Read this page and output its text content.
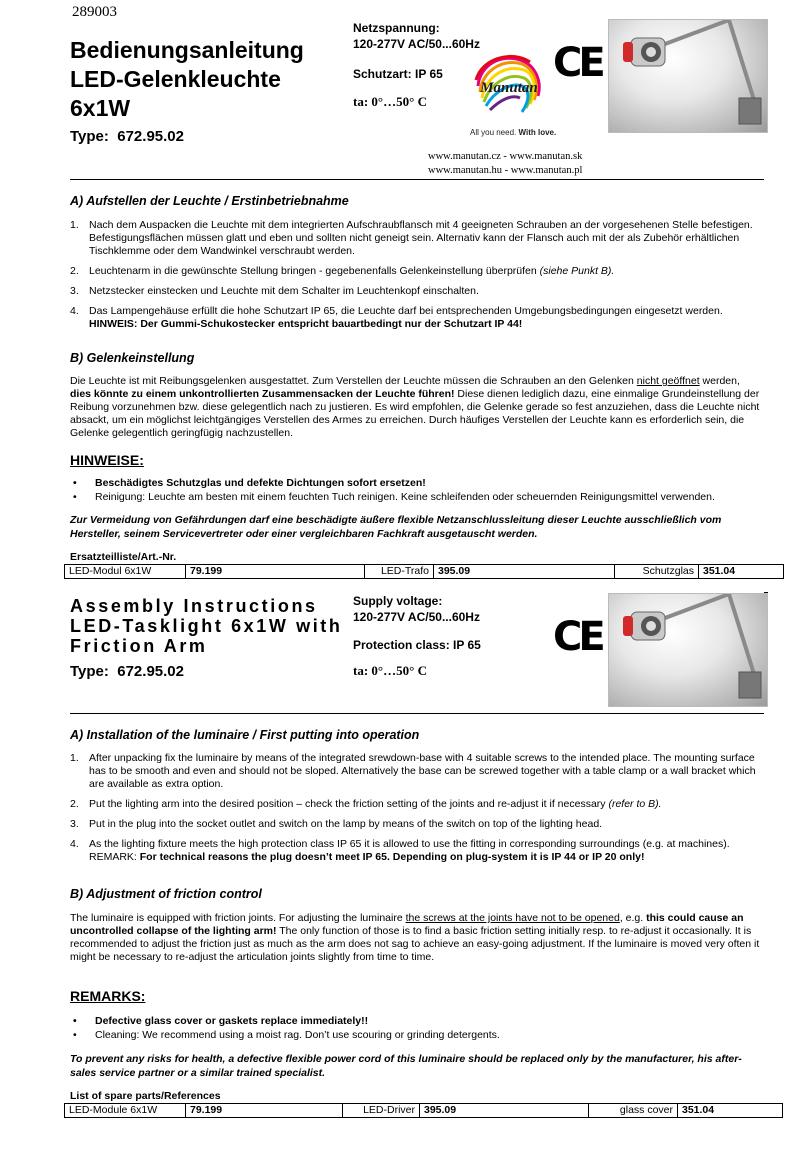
289003
Bedienungsanleitung
LED-Gelenkleuchte
6x1W
Type: 672.95.02
Netzspannung:
120-277V AC/50...60Hz
Schutzart: IP 65
ta: 0°…50° C
Manutan
All you need. With love.
CE
www.manutan.cz - www.manutan.sk
www.manutan.hu - www.manutan.pl
A) Aufstellen der Leuchte / Erstinbetriebnahme
1. Nach dem Auspacken die Leuchte mit dem integrierten Aufschraubflansch mit 4 geeigneten Schrauben an der vorgesehenen Stelle befestigen. Befestigungsflächen müssen glatt und eben und sollten nicht geneigt sein. Alternativ kann der Flansch auch mit der als Zubehör erhältlichen Tischklemme oder dem Wandwinkel verschraubt werden.
2. Leuchtenarm in die gewünschte Stellung bringen - gegebenenfalls Gelenkeinstellung überprüfen (siehe Punkt B).
3. Netzstecker einstecken und Leuchte mit dem Schalter im Leuchtenkopf einschalten.
4. Das Lampengehäuse erfüllt die hohe Schutzart IP 65, die Leuchte darf bei entsprechenden Umgebungsbedingungen eingesetzt werden. HINWEIS: Der Gummi-Schukostecker entspricht bauartbedingt nur der Schutzart IP 44!
B) Gelenkeinstellung
Die Leuchte ist mit Reibungsgelenken ausgestattet. Zum Verstellen der Leuchte müssen die Schrauben an den Gelenken nicht geöffnet werden, dies könnte zu einem unkontrollierten Zusammensacken der Leuchte führen! Diese dienen lediglich dazu, eine einmalige Grundeinstellung der Reibung vorzunehmen bzw. diese gelegentlich nach zu justieren. Es wird empfohlen, die Gelenke gerade so fest anzuziehen, dass die Leuchte nicht absackt, um ein möglichst leichtgängiges Verstellen des Armes zu erreichen. Durch häufiges Verstellen der Leuchte kann es erforderlich sein, die Gelenke gelegentlich geringfügig nachzustellen.
HINWEISE:
• Beschädigtes Schutzglas und defekte Dichtungen sofort ersetzen!
• Reinigung: Leuchte am besten mit einem feuchten Tuch reinigen. Keine schleifenden oder scheuernden Reinigungsmittel verwenden.
Zur Vermeidung von Gefährdungen darf eine beschädigte äußere flexible Netzanschlussleitung dieser Leuchte ausschließlich vom Hersteller, seinem Servicevertreter oder einer vergleichbaren Fachkraft ausgetauscht werden.
Ersatzteilliste/Art.-Nr.
LED-Modul 6x1W	79.199	LED-Trafo	395.09	Schutzglas	351.04
Assembly Instructions
LED-Tasklight 6x1W with
Friction Arm
Type: 672.95.02
Supply voltage:
120-277V AC/50...60Hz
Protection class: IP 65
ta: 0°…50° C
CE
A) Installation of the luminaire / First putting into operation
1. After unpacking fix the luminaire by means of the integrated srewdown-base with 4 suitable screws to the intended place. The mounting surface has to be smooth and even and should not be sloped. Alternatively the base can be screwed together with a table clamp or a wall bracket which are available as extra option.
2. Put the lighting arm into the desired position – check the friction setting of the joints and re-adjust it if necessary (refer to B).
3. Put in the plug into the socket outlet and switch on the lamp by means of the switch on top of the lighting head.
4. As the lighting fixture meets the high protection class IP 65 it is allowed to use the fitting in corresponding surroundings (e.g. at machines). REMARK: For technical reasons the plug doesn’t meet IP 65. Depending on plug-system it is IP 44 or IP 20 only!
B) Adjustment of friction control
The luminaire is equipped with friction joints. For adjusting the luminaire the screws at the joints have not to be opened, e.g. this could cause an uncontrolled collapse of the lighting arm! The only function of those is to find a basic friction setting initially resp. to re-adjust it occasionally. It is recommended to adjust the friction just as much as the arm does not sag to achieve an easy-going adjustment. If the luminaire is moved very often it might be necessary to re-adjust the articulation joints slightly from time to time.
REMARKS:
• Defective glass cover or gaskets replace immediately!!
• Cleaning: We recommend using a moist rag. Don’t use scouring or grinding detergents.
To prevent any risks for health, a defective flexible power cord of this luminaire should be replaced only by the manufacturer, his after-sales service partner or a similar trained specialist.
List of spare parts/References
LED-Module 6x1W	79.199	LED-Driver	395.09	glass cover	351.04
